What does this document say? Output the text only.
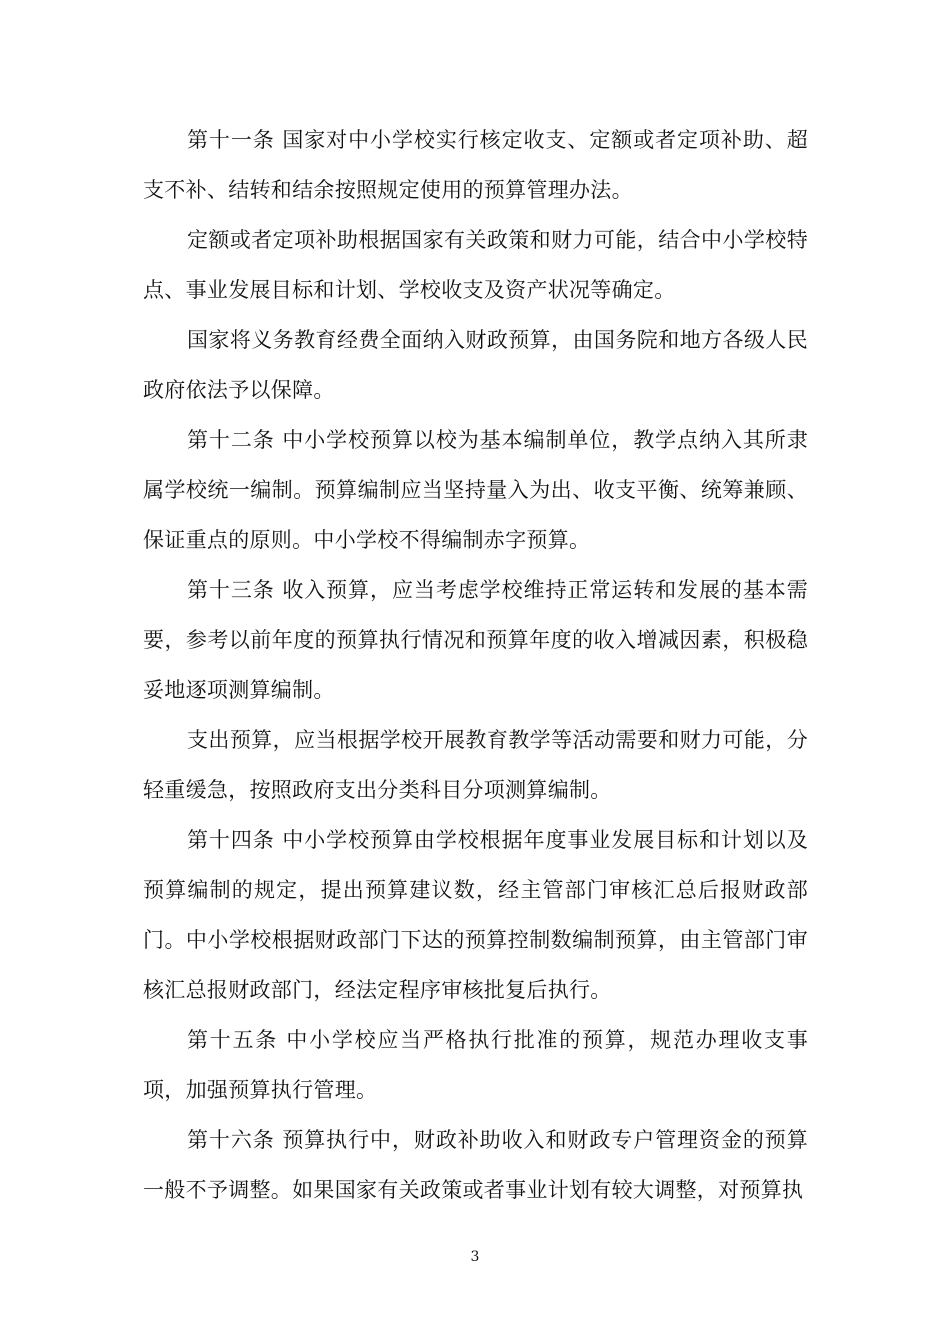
第十一条 国家对中小学校实行核定收支、定额或者定项补助、超支不补、结转和结余按照规定使用的预算管理办法。

定额或者定项补助根据国家有关政策和财力可能，结合中小学校特点、事业发展目标和计划、学校收支及资产状况等确定。

国家将义务教育经费全面纳入财政预算，由国务院和地方各级人民政府依法予以保障。

第十二条 中小学校预算以校为基本编制单位，教学点纳入其所隶属学校统一编制。预算编制应当坚持量入为出、收支平衡、统筹兼顾、保证重点的原则。中小学校不得编制赤字预算。

第十三条 收入预算，应当考虑学校维持正常运转和发展的基本需要，参考以前年度的预算执行情况和预算年度的收入增减因素，积极稳妥地逐项测算编制。

支出预算，应当根据学校开展教育教学等活动需要和财力可能，分轻重缓急，按照政府支出分类科目分项测算编制。

第十四条 中小学校预算由学校根据年度事业发展目标和计划以及预算编制的规定，提出预算建议数，经主管部门审核汇总后报财政部门。中小学校根据财政部门下达的预算控制数编制预算，由主管部门审核汇总报财政部门，经法定程序审核批复后执行。

第十五条 中小学校应当严格执行批准的预算，规范办理收支事项，加强预算执行管理。

第十六条 预算执行中，财政补助收入和财政专户管理资金的预算一般不予调整。如果国家有关政策或者事业计划有较大调整，对预算执

3
